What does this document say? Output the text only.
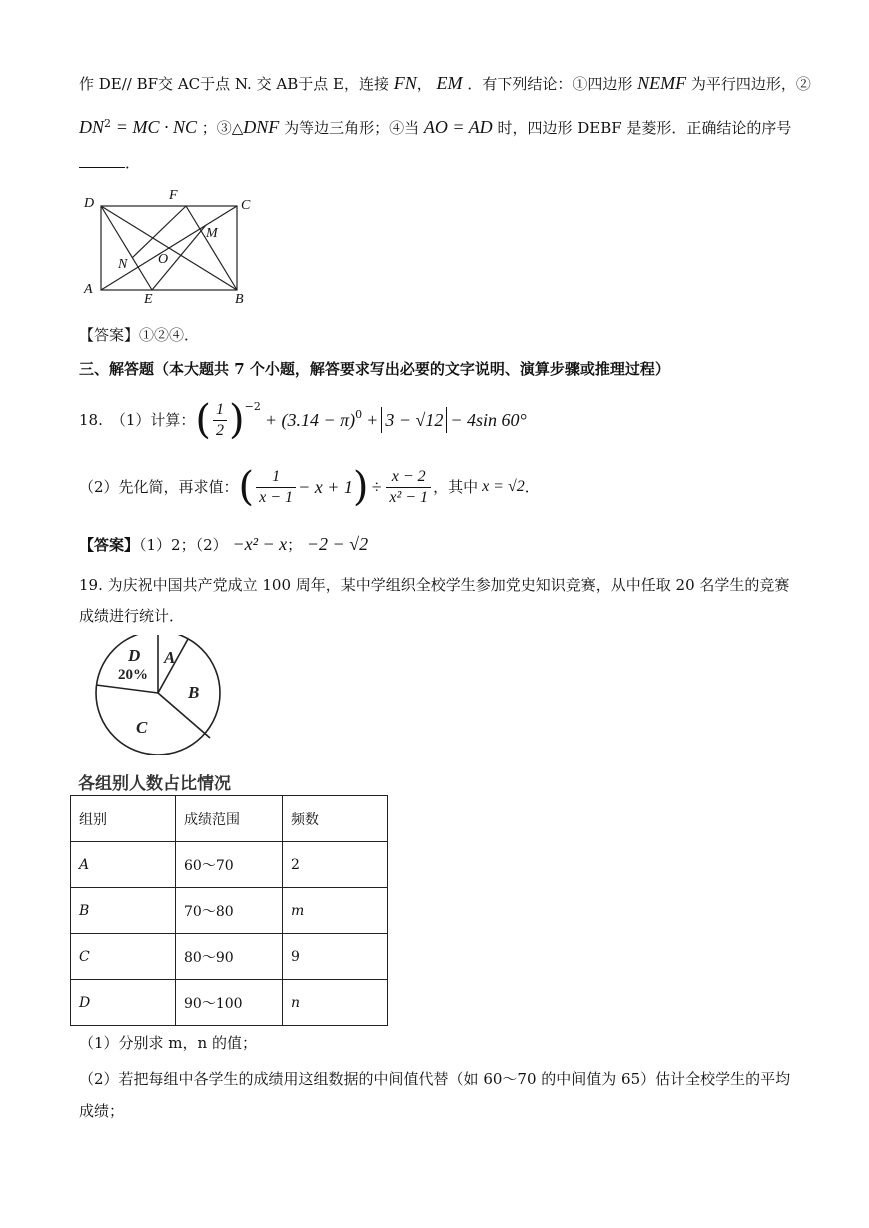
作 DE// BF交 AC于点 N. 交 AB于点 E，连接 FN， EM ．有下列结论：①四边形 NEMF 为平行四边形，②
$DN^2$ = MC · NC ；③△DNF 为等边三角形；④当 AO = AD 时，四边形 DEBF 是菱形．正确结论的序号
．
D
F
C
M
N O
A
E	B
【答案】①②④．
三、解答题（本大题共 7 个小题，解答要求写出必要的文字说明、演算步骤或推理过程）
18. （1）计算： ( $\frac{1}{2} )^{-2}$
+ $(3.14 - \pi)^0 + 3 - √12 - 4\sin$ 60°
（2）先化简，再求值： ( $\frac{1}{x - 1} - x + 1$ ) ÷ $\frac{x - 2}{\text{x² − 1}}$ ，其中 x = √2 ．
【答案】（1）2；（2） −x² − x； −2 − √2
19. 为庆祝中国共产党成立 100 周年，某中学组织全校学生参加党史知识竞赛，从中任取 20 名学生的竞赛
成绩进行统计．
A
B
C
D
20%
各组别人数占比情况
组别	成绩范围	频数
A	60～70	2
B	70～80	m
C	80～90	9
D	90～100	n
（1）分别求 m，n 的值；
（2）若把每组中各学生的成绩用这组数据的中间值代替（如 60～70 的中间值为 65）估计全校学生的平均
成绩；
